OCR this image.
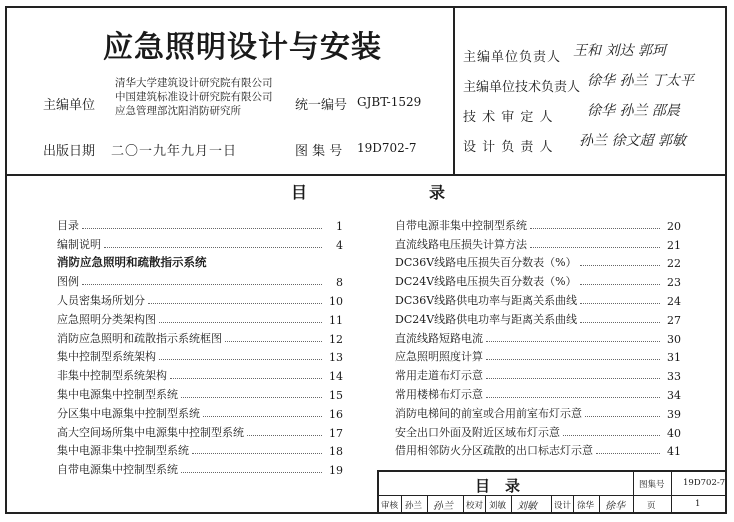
应急照明设计与安装
主编单位
清华大学建筑设计研究院有限公司
中国建筑标准设计研究院有限公司
应急管理部沈阳消防研究所	统一编号 GJBT-1529
出版日期 二〇一九年九月一日	图 集 号 19D702-7
主编单位负责人 王和 刘达 郭珂
主编单位技术负责人 徐华 孙兰 丁太平
技 术 审 定 人 徐华 孙兰 邵晨
设 计 负 责 人 孙兰 徐文超 郭敏
目	录
目录	1
编制说明	4
消防应急照明和疏散指示系统
图例	8
人员密集场所划分	10
应急照明分类架构图	11
消防应急照明和疏散指示系统框图	12
集中控制型系统架构	13
非集中控制型系统架构	14
集中电源集中控制型系统	15
分区集中电源集中控制型系统	16
高大空间场所集中电源集中控制型系统	17
集中电源非集中控制型系统	18
自带电源集中控制型系统	19
自带电源非集中控制型系统	20
直流线路电压损失计算方法	21
DC36V线路电压损失百分数表（%）	22
DC24V线路电压损失百分数表（%）	23
DC36V线路供电功率与距离关系曲线	24
DC24V线路供电功率与距离关系曲线	27
直流线路短路电流	30
应急照明照度计算	31
常用走道布灯示意	33
常用楼梯布灯示意	34
消防电梯间的前室或合用前室布灯示意	39
安全出口外面及附近区域布灯示意	40
借用相邻防火分区疏散的出口标志灯示意	41
目　录	图集号 19D702-7
页	1
审核 孙兰 孙兰 校对 刘敏 刘敏 设计 徐华 徐华
